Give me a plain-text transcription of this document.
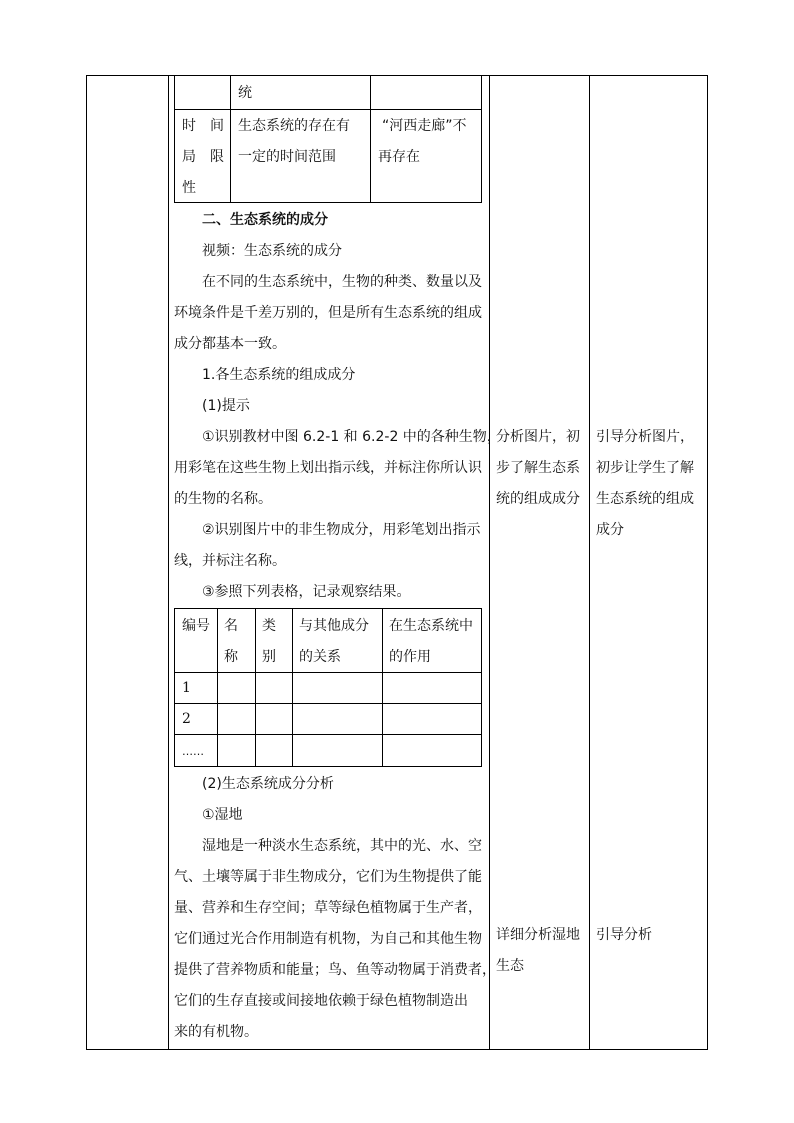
统
时　间
局　限
性
生态系统的存在有
一定的时间范围
“河西走廊”不
再存在
二、生态系统的成分
视频：生态系统的成分
在不同的生态系统中，生物的种类、数量以及
环境条件是千差万别的，但是所有生态系统的组成
成分都基本一致。
1.各生态系统的组成成分
(1)提示
①识别教材中图 6.2-1 和 6.2-2 中的各种生物，
用彩笔在这些生物上划出指示线，并标注你所认识
的生物的名称。
②识别图片中的非生物成分，用彩笔划出指示
线，并标注名称。
③参照下列表格，记录观察结果。
编号 名
称
类
别
与其他成分
的关系
在生态系统中
的作用
1
2
……
(2)生态系统成分分析
①湿地
湿地是一种淡水生态系统，其中的光、水、空
气、土壤等属于非生物成分，它们为生物提供了能
量、营养和生存空间；草等绿色植物属于生产者，
它们通过光合作用制造有机物，为自己和其他生物
提供了营养物质和能量；鸟、鱼等动物属于消费者，
它们的生存直接或间接地依赖于绿色植物制造出
来的有机物。
分析图片，初
步了解生态系
统的组成成分
详细分析湿地
生态
引导分析图片，
初步让学生了解
生态系统的组成
成分
引导分析
